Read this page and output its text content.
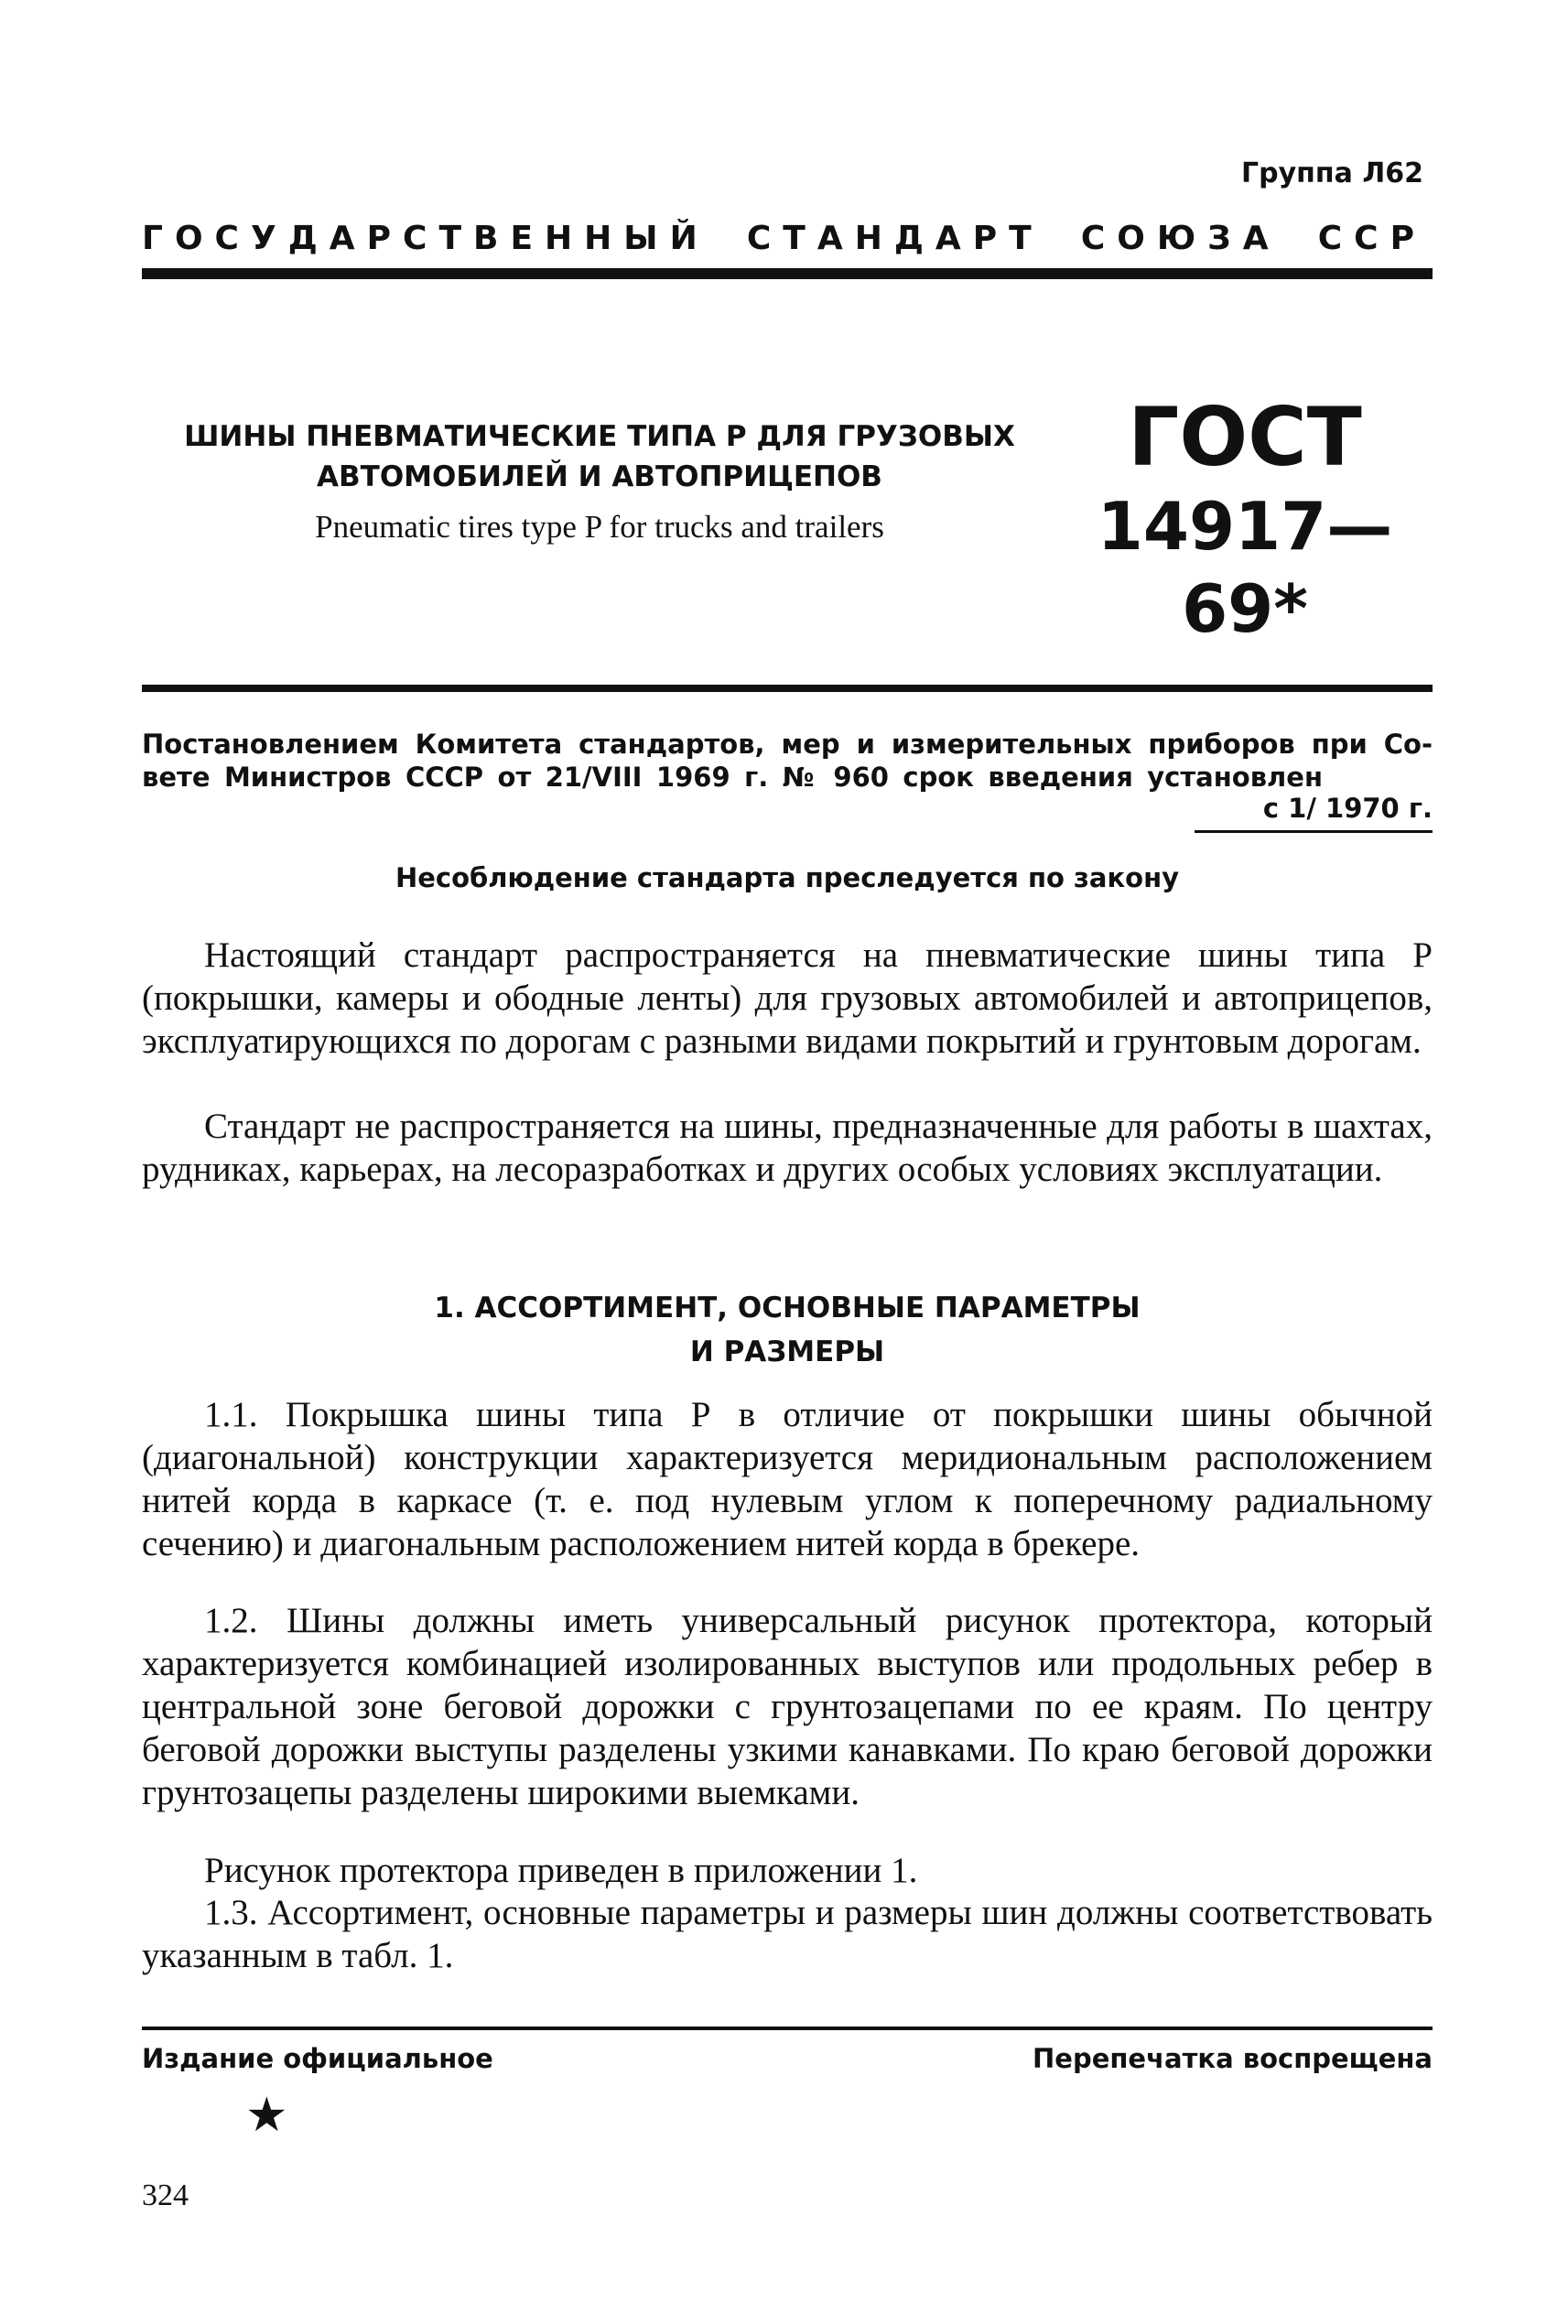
Группа Л62
ГОСУДАРСТВЕННЫЙ СТАНДАРТ СОЮЗА ССР
ШИНЫ ПНЕВМАТИЧЕСКИЕ ТИПА Р ДЛЯ ГРУЗОВЫХ
АВТОМОБИЛЕЙ И АВТОПРИЦЕПОВ
Pneumatic tires type P for trucks and trailers
ГОСТ
14917—69*
Постановлением Комитета стандартов, мер и измерительных приборов при Со-
вете Министров СССР от 21/VIII 1969 г. № 960 срок введения установлен
с 1/ 1970 г.
Несоблюдение стандарта преследуется по закону
Настоящий стандарт распространяется на пневматические шины типа Р (покрышки, камеры и ободные ленты) для грузовых автомобилей и автоприцепов, эксплуатирующихся по дорогам с разными видами покрытий и грунтовым дорогам.
Стандарт не распространяется на шины, предназначенные для работы в шахтах, рудниках, карьерах, на лесоразработках и других особых условиях эксплуатации.
1. АССОРТИМЕНТ, ОСНОВНЫЕ ПАРАМЕТРЫ
И РАЗМЕРЫ
1.1. Покрышка шины типа Р в отличие от покрышки шины обычной (диагональной) конструкции характеризуется меридиональным расположением нитей корда в каркасе (т. е. под нулевым углом к поперечному радиальному сечению) и диагональным расположением нитей корда в брекере.
1.2. Шины должны иметь универсальный рисунок протектора, который характеризуется комбинацией изолированных выступов или продольных ребер в центральной зоне беговой дорожки с грунтозацепами по ее краям. По центру беговой дорожки выступы разделены узкими канавками. По краю беговой дорожки грунтозацепы разделены широкими выемками.
Рисунок протектора приведен в приложении 1.
1.3. Ассортимент, основные параметры и размеры шин должны соответствовать указанным в табл. 1.
Издание официальное	Перепечатка воспрещена
★
324
